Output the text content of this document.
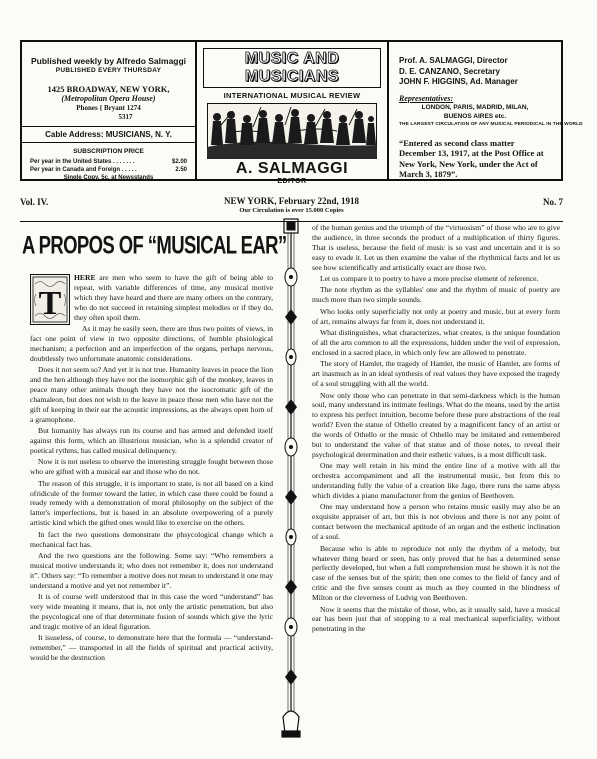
Published weekly by Alfredo Salmaggi
PUBLISHED EVERY THURSDAY
1425 BROADWAY, NEW YORK,
(Metropolitan Opera House)
Phones { Bryant 1274
5317
Cable Address: MUSICIANS, N. Y.
SUBSCRIPTION PRICE
Per year in the United States . . . . . . .	$2.00
Per year in Canada and Foreign . . . . .	2.50
Single Copy, 5c. at Newsstands
MUSIC AND MUSICIANS
INTERNATIONAL MUSICAL REVIEW
A. SALMAGGI
EDITOR
Prof. A. SALMAGGI, Director
D. E. CANZANO, Secretary
JOHN F. HIGGINS, Ad. Manager
Representatives:
LONDON, PARIS, MADRID, MILAN,
BUENOS AIRES etc.
THE LARGEST CIRCULATION OF ANY MUSICAL PERIODICAL IN THE WORLD
“Entered as second class matter December 13, 1917, at the Post Office at New York, New York, under the Act of March 3, 1879”.
Vol. IV.	NEW YORK, February 22nd, 1918
Our Circulation is over 15.000 Copies
No. 7
A PROPOS OF “MUSICAL EAR”

T
HERE are men who seem to have the gift of being able to repeat, with variable differences of time, any musical motive which they have heard and there are many others on the contrary, who do not succeed in retaining simplest melodies or if they do, they often spoil them.

As it may be easily seen, there are thus two points of views, in fact one point of view in two opposite directions, of humble phsiological mechanism; a perfection and an imperfection of the organs, perhaps nervous, doubtlessly two unfortunate anatomic considerations.

Does it not seem so? And yet it is not true. Humanity leaves in peace the lion and the hen although they have not the isomorphic gift of the monkey, leaves in peace many other animals though they have not the isocromatic gift of the chamaleon, but does not wish to the leave in peace those men who have not the gift of keeping in their ear the acoustic impressions, as the always open horn of a gramophone.

But humanity has always run its course and has armed and defended itself against this form, which an illustrious musician, who is a splendid creator of poetical rythms, has called musical delinquency.

Now it is not useless to observe the interesting struggle fought between those who are gifted with a musical ear and those who do not.

The reason of this struggle, it is important to state, is not all based on a kind ofridicule of the former toward the latter, in which case there could be found a ready remedy with a demonstration of moral philosophy on the subject of the latter's imperfections, but is based in an absolute overpowering of a purely artistic kind which the gifted ones would like to exercise on the others.

In fact the two questions demonstrate the phsycological change which a mechanical fact has.

And the two questions are the following. Some say: “Who remembers a musical motive understands it; who does not remember it, does not understand it”. Others say: “To remember a motive does not mean to understand it one may understand a motive and yet not remember it”.

It is of course well understood that in this case the word “understand” has very wide meaning it means, that is, not only the artistic penetration, but also the psycological one of that determinate fusion of sounds which give the lyric and tragic motive of an ideal figuration.

It isuseless, of course, to demonstrate here that the formula — “understand-remember,” — transported in all the fields of spiritual and practical activity, would be the destruction

of the human genius and the triumph of the “virtuosism” of those who are to give the audience, in three seconds the product of a multiplication of thirty figures. That is useless, because the field of music is so vast and uncertain and it is so easy to evade it. Let us then examine the value of the rhythmical facts and let us see how scientifically and artistically exact are those two.

Let us compare it to poetry to have a more precise element of reference.

The note rhythm as the syllables' one and the rhythm of music of poetry are much more than two simple sounds.

Who looks only superficially not only at poetry and music, but at every form of art, remains always far from it, does not understand it.

What distinguishes, what characterizes, what creates, is the unique foundation of all the arts common to all the expressions, hidden under the veil of expression, enclosed in a sacred place, in which only few are allowed to penetrate.

The story of Hamlet, the tragedy of Hamlet, the music of Hamlet, are forms of art inasmuch as in an ideal synthesis of real values they have exposed the tragedy of a soul struggling with all the world.

Now only those who can penetrate in that semi-darkness which is the human soul, many understand its intimate feelings. What do the means, used by the artist to express his perfect intuition, become before these pure abstractions of the real world? Even the statue of Othello created by a magnificent fancy of an artist or the words of Othello or the music of Othello may be imitated and remembered but to understand the value of that statue and of those notes, to reveal their psychological determination and their esthetic values, is a most difficult task.

One may well retain in his mind the entire line of a motive with all the orchestra accompaniment and all the instrumental music, but from this to understanding fully the value of a creation like Jago, there runs the same abyss which divides a piano manufacturer from the genius of Beethoven.

One may understand how a person who retains music easily may also be an exquisite appraiser of art, but this is not obvious and there is not any point of contact between the mechanical aptitude of an organ and the esthetic inclination of a soul.

Because who is able to reproduce not only the rhythm of a melody, but whatever thing heard or seen, has only proved that he has a determined sense perfectly developed, but when a full comprehension must be shown it is not the case of the senses but of the spirit; then one comes to the field of fancy and of critic and the five senses count as much as they counted in the blindness of Milton or the cleverness of Ludvig von Beethoven.

Now it seems that the mistake of those, who, as it usually said, have a musical ear has been just that of stopping to a real mechanical superficiality, without penetrating in the
